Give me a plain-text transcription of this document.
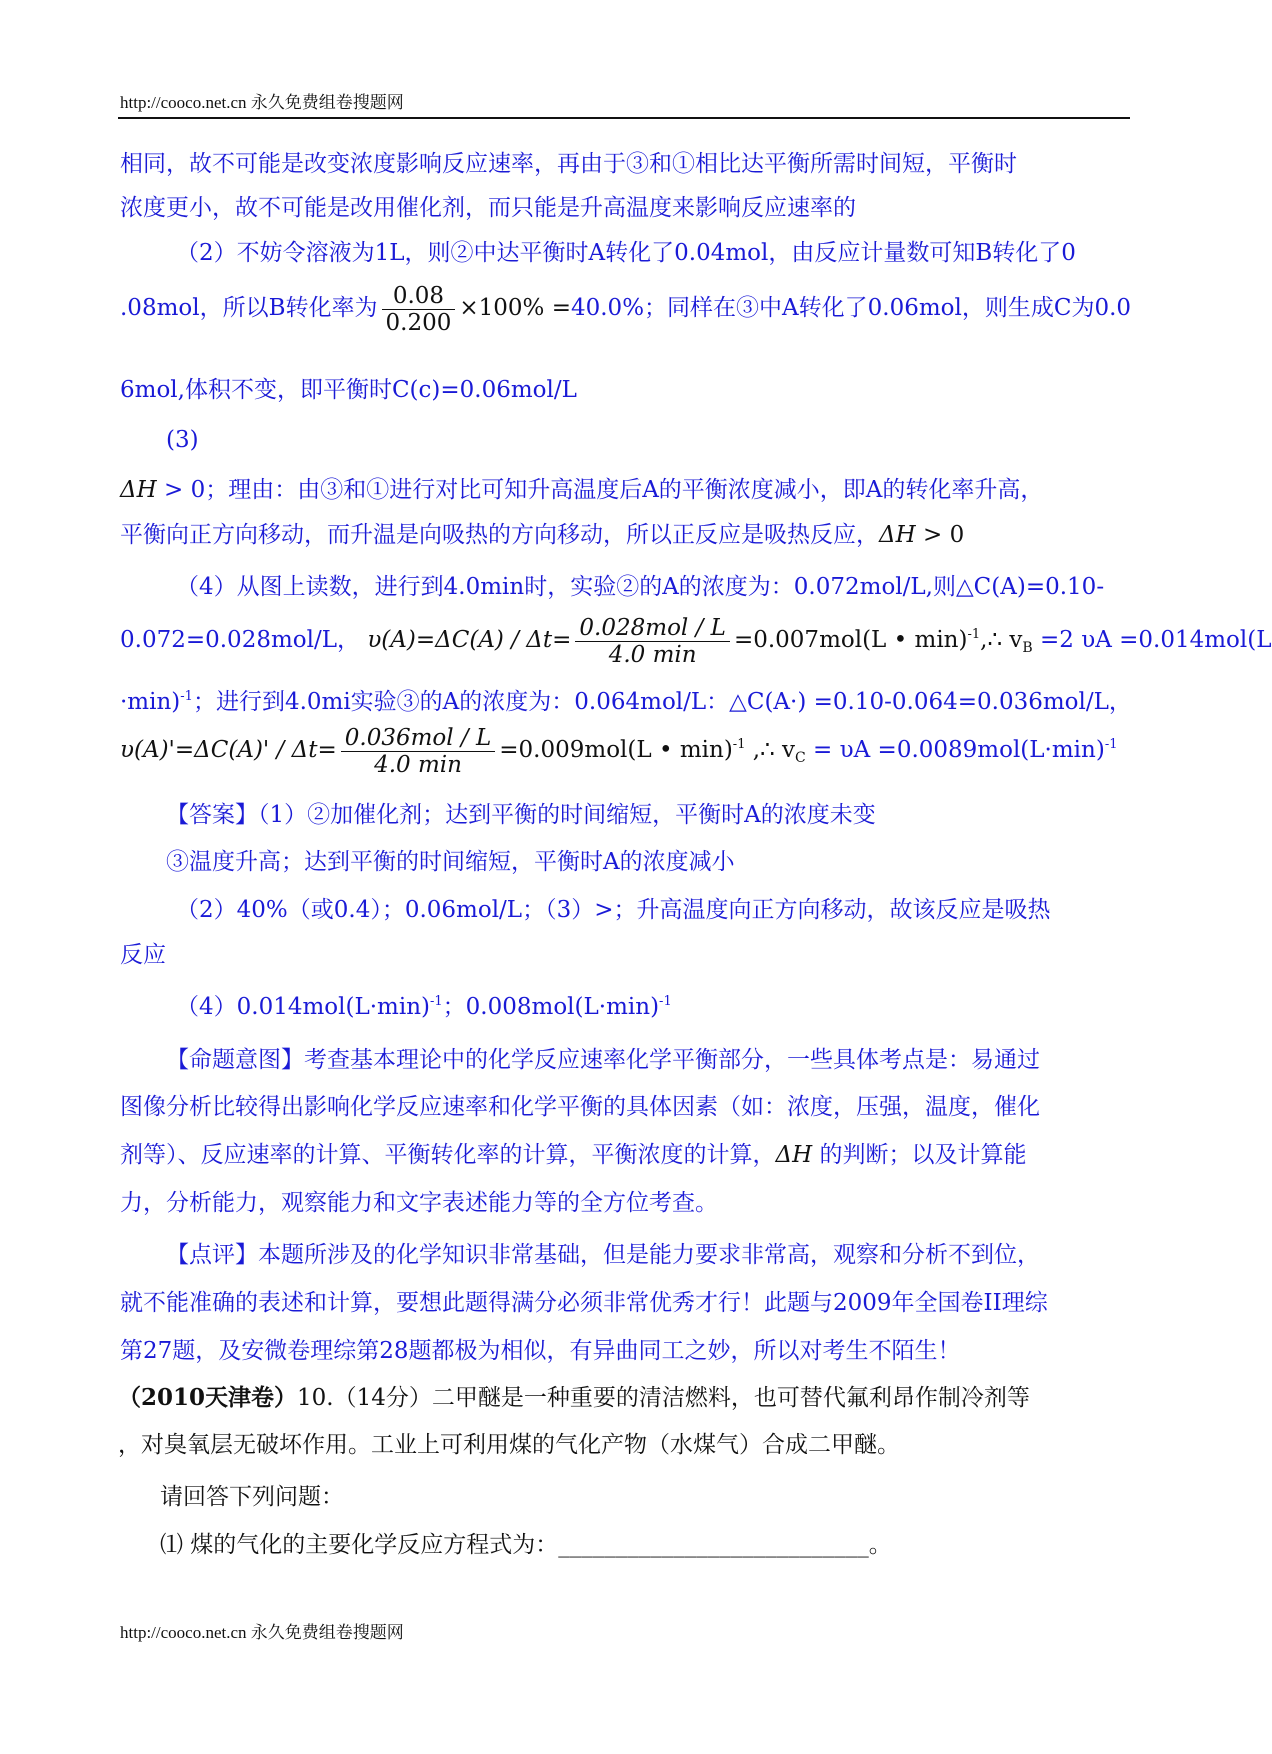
http://cooco.net.cn 永久免费组卷搜题网
相同，故不可能是改变浓度影响反应速率，再由于③和①相比达平衡所需时间短，平衡时
浓度更小，故不可能是改用催化剂，而只能是升高温度来影响反应速率的
（2）不妨令溶液为1L，则②中达平衡时A转化了0.04mol，由反应计量数可知B转化了0
.08mol，所以B转化率为 $\frac{0.08}{0.200} \times 100\% =40.0\%$；同样在③中A转化了0.06mol，则生成C为0.0
6mol,体积不变，即平衡时C(c)=0.06mol/L
(3)
ΔH > 0；理由：由③和①进行对比可知升高温度后A的平衡浓度减小，即A的转化率升高，
平衡向正方向移动，而升温是向吸热的方向移动，所以正反应是吸热反应，ΔH > 0
（4）从图上读数，进行到4.0min时，实验②的A的浓度为：0.072mol/L,则△C(A)=0.10-
0.072=0.028mol/L， $\upsilon(A)=\Delta C(A) / \Delta t= \frac{\text{0.028mol / L}}{4.0 \min} =0.007mol(L$ • min)$^{-1}$,∴ $v_B =2$ υA =0.014mol(L
·min)$^{-1}$；进行到4.0mi实验③的A的浓度为：0.064mol/L：△C(A·) =0.10-0.064=0.036mol/L，
$\upsilon(A)'=\Delta C(A)' / \Delta t= \frac{\text{0.036mol / L}}{4.0 \min} =0.009mol(L$ • min)$^{-1}$ ,∴ $v_C = \upsilon A =0.0089mol(L\cdot\min)^{-1}$
【答案】（1）②加催化剂；达到平衡的时间缩短，平衡时A的浓度未变
③温度升高；达到平衡的时间缩短，平衡时A的浓度减小
（2）40%（或0.4）；0.06mol/L；（3）>；升高温度向正方向移动，故该反应是吸热
反应
$(4)0.014mol(L\cdot\min)^{-1}$；$0.008mol(L\cdot\min)^{-1}$
【命题意图】考查基本理论中的化学反应速率化学平衡部分，一些具体考点是：易通过
图像分析比较得出影响化学反应速率和化学平衡的具体因素（如：浓度，压强，温度，催化
剂等）、反应速率的计算、平衡转化率的计算，平衡浓度的计算，ΔH 的判断；以及计算能
力，分析能力，观察能力和文字表述能力等的全方位考查。
【点评】本题所涉及的化学知识非常基础，但是能力要求非常高，观察和分析不到位，
就不能准确的表述和计算，要想此题得满分必须非常优秀才行！此题与2009年全国卷II理综
第27题，及安微卷理综第28题都极为相似，有异曲同工之妙，所以对考生不陌生！
（2010天津卷）10.（14分）二甲醚是一种重要的清洁燃料，也可替代氟利昂作制冷剂等
，对臭氧层无破坏作用。工业上可利用煤的气化产物（水煤气）合成二甲醚。
请回答下列问题：
⑴ 煤的气化的主要化学反应方程式为：___________________________。
http://cooco.net.cn 永久免费组卷搜题网
